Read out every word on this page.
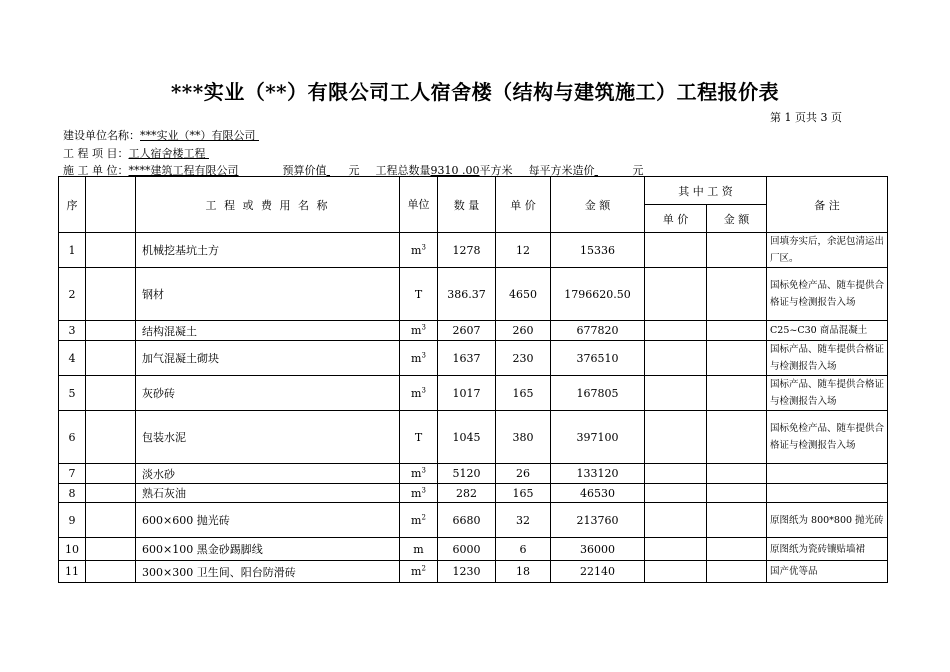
***实业（**）有限公司工人宿舍楼（结构与建筑施工）工程报价表
第 1 页共 3 页
建设单位名称：***实业（**）有限公司
工 程 项 目：工人宿舍楼工程
施 工 单 位：****建筑工程有限公司	预算价值 元 工程总数量9310 .00平方米 每平方米造价	元
序		工 程 或 费 用 名 称	单位	数 量	单 价	金 额	其 中 工 资		备 注
							单 价	金 额	
1		机械挖基坑土方	$m^3$	1278	12	15336			回填夯实后，余泥包清运出厂区。
2		钢材	T	386.37	4650	1796620.50			国标免检产品、随车提供合格证与检测报告入场
3		结构混凝土	$m^3$	2607	260	677820			C25~C30 商品混凝土
4		加气混凝土砌块	$m^3$	1637	230	376510			国标产品、随车提供合格证与检测报告入场
5		灰砂砖	$m^3$	1017	165	167805			国标产品、随车提供合格证与检测报告入场
6		包装水泥	T	1045	380	397100			国标免检产品、随车提供合格证与检测报告入场
7		淡水砂	$m^3$	5120	26	133120			
8		熟石灰油	$m^3$	282	165	46530			
9		600×600 抛光砖	$m^2$	6680	32	213760			原图纸为 800*800 抛光砖
10		600×100 黑金砂踢脚线	m	6000	6	36000			原图纸为瓷砖镶贴墙裙
11		300×300 卫生间、阳台防滑砖	$m^2$	1230	18	22140			国产优等品
